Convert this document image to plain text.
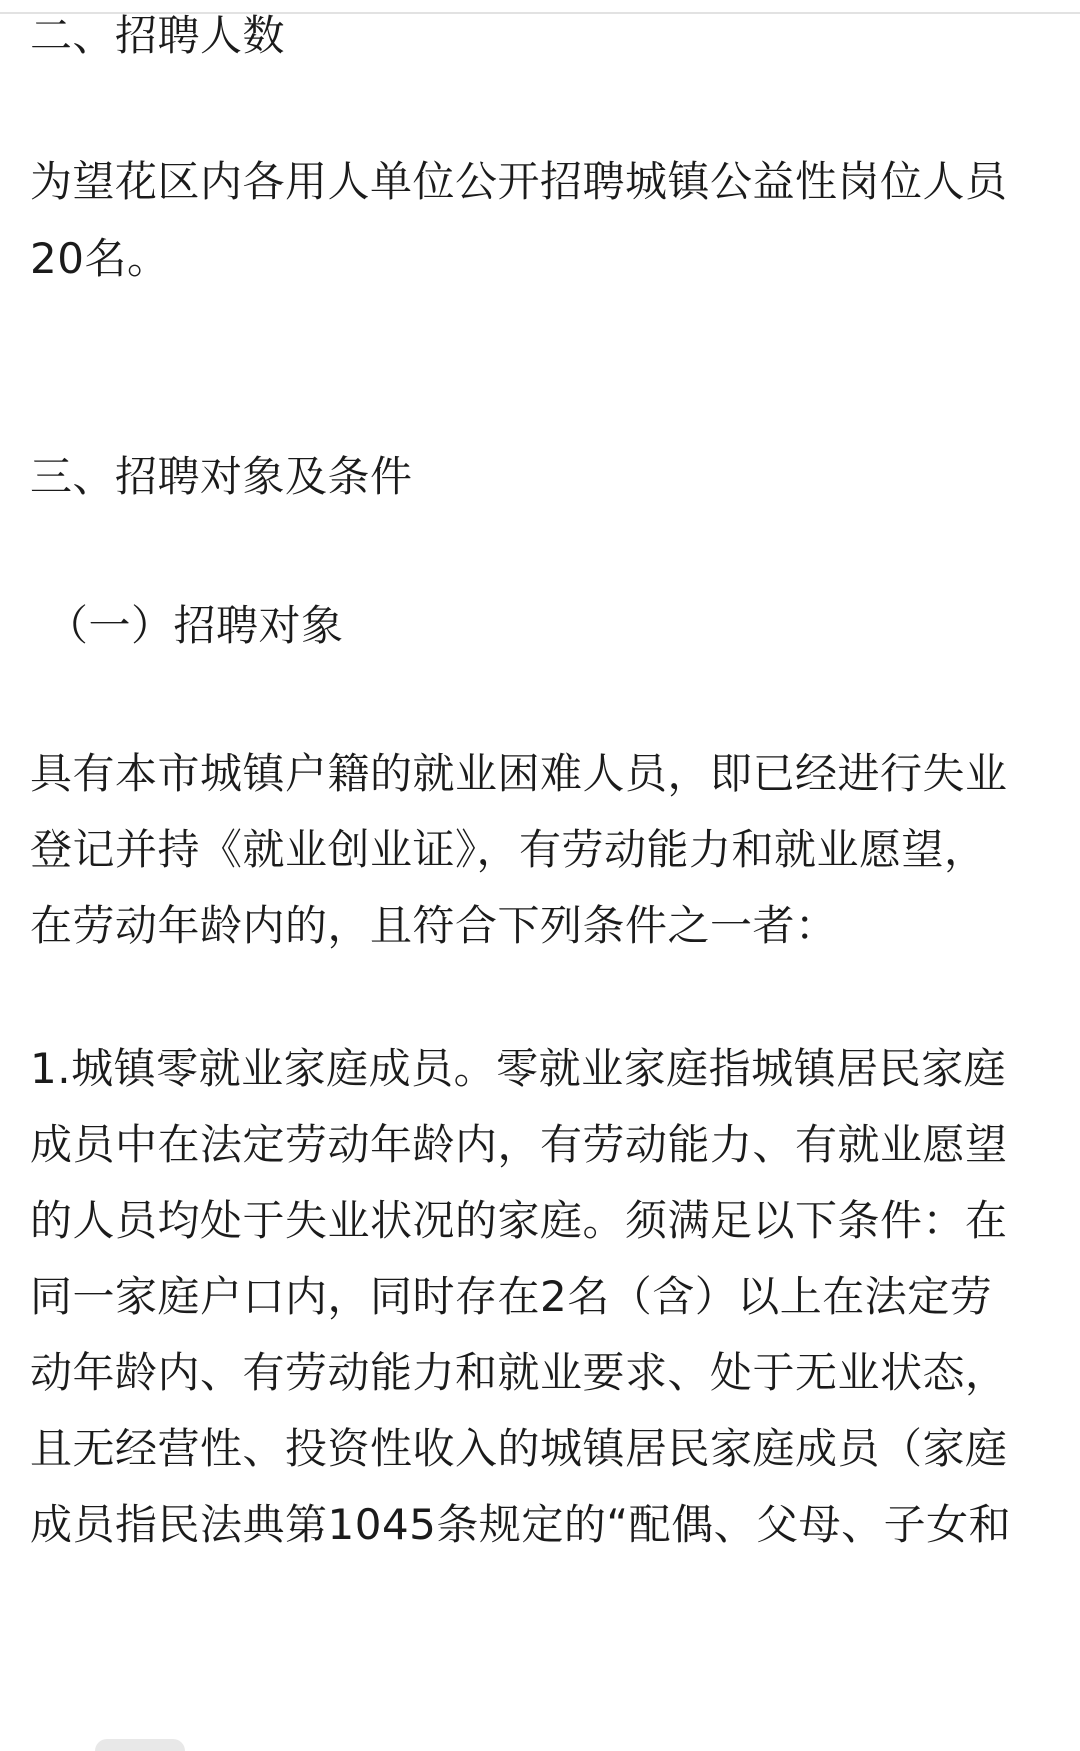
二、招聘人数
为望花区内各用人单位公开招聘城镇公益性岗位人员
20名。
三、招聘对象及条件
（一）招聘对象
具有本市城镇户籍的就业困难人员，即已经进行失业
登记并持《就业创业证》，有劳动能力和就业愿望，
在劳动年龄内的，且符合下列条件之一者：
1.城镇零就业家庭成员。零就业家庭指城镇居民家庭
成员中在法定劳动年龄内，有劳动能力、有就业愿望
的人员均处于失业状况的家庭。须满足以下条件：在
同一家庭户口内，同时存在2名（含）以上在法定劳
动年龄内、有劳动能力和就业要求、处于无业状态，
且无经营性、投资性收入的城镇居民家庭成员（家庭
成员指民法典第1045条规定的“配偶、父母、子女和
